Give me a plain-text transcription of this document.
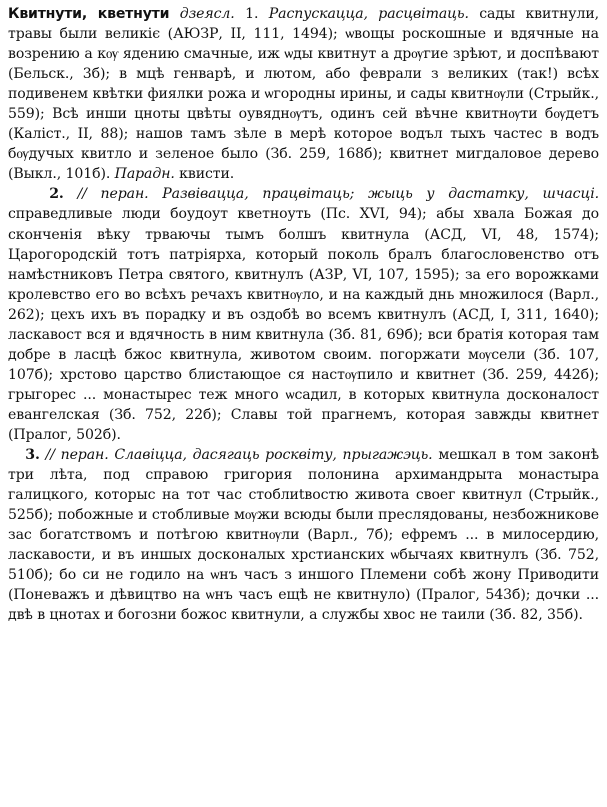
Квитнути, кветнути дзеясл. 1. Распускацца, расцвітаць. сады квитнули, травы были великіє (АЮЗР, II, 111, 1494); ѡвощы роскошные и вдячные на вoзрению а кѹ ядению смачные, иж ѡды квитнут а дрѹгие зрѣют, и доспѣвают (Бельск., 3б); в мцѣ генварѣ, и лютом, або феврали з великих (так!) всѣх подивенем квѣтки фиялки рожа и ѡгородны ирины, и сады квитнѹли (Стрыйк., 559); Всѣ инши цноты цвѣты оувяднѹтъ, одинъ сей вѣчне квитнѹти бѹдетъ (Каліст., II, 88); нашов тамъ зѣле в мерѣ которое водъл тыхъ частес в водъ бѹдучых квитло и зеленое было (Зб. 259, 168б); квитнет мигдаловое дерево (Выкл., 101б). Парадн. квисти.
2. // перан. Развівацца, працвітаць; жыць у дастатку, шчасці. справедливые люди боудоут кветноуть (Пс. XVI, 94); абы хвала Божая до сконченія вѣку трваючы тымъ болшъ квитнула (АСД, VI, 48, 1574); Царогородскій тотъ патріярха, который поколь бралъ благословенство отъ намѣстниковъ Петра святого, квитнулъ (АЗР, VI, 107, 1595); за его ворожками кролевство его во всѣхъ речахъ квитнѹло, и на каждый днь множилося (Варл., 262); цехъ ихъ въ порадку и въ оздобѣ во всемъ квитнулъ (АСД, I, 311, 1640); ласкавост вся и вдячность в ним квитнула (Зб. 81, 69б); вси братія которая там добре в ласцѣ бжос квитнула, животом своим. погоржати мѹсели (Зб. 107, 107б); хрстово царство блистающое ся настѹпило и квитнет (Зб. 259, 442б); грыгорес ... монастырес теж много ѡсадил, в которых квитнула досконалост евангелская (Зб. 752, 22б); Славы той прагнемъ, которая завжды квитнет (Пралог, 502б).
3. // перан. Славіцца, дасягаць росквіту, прыгажэць. мешкал в том законѣ три лѣта, под справою григория полонина архимандрыта монастыра галицкого, которыс на тот час стоблиtвостю живота своег квитнул (Стрыйк., 525б); побожные и стобливые мѹжи всюды были преслядованы, незбожникове зас богатствомъ и потѣгою квитнѹли (Варл., 7б); ефремъ ... в милосердию, ласкавости, и въ иншых досконалых хрстианских ѡбычаях квитнулъ (Зб. 752, 510б); бо си не годило на ѡнъ часъ з иншого Племени собѣ жону Приводити (Поневажъ и дѣвицтво на ѡнъ часъ ещѣ не квитнуло) (Пралог, 543б); дочки ... двѣ в цнотах и богозни божос квитнули, а службы хвос не таили (Зб. 82, 35б).
